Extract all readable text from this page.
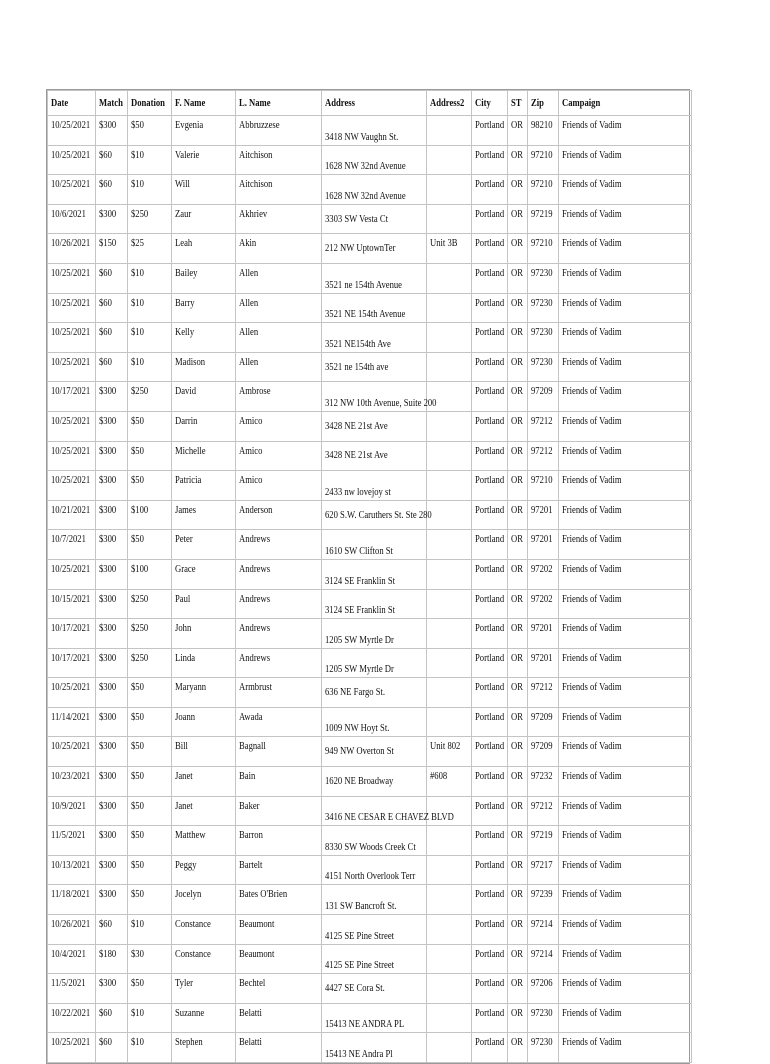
Date	Match	Donation	F. Name	L. Name	Address	Address2	City	ST	Zip	Campaign
10/25/2021	$300	$50	Evgenia	Abbruzzese	3418 NW Vaughn St.		Portland	OR	98210	Friends of Vadim
10/25/2021	$60	$10	Valerie	Aitchison	1628 NW 32nd Avenue		Portland	OR	97210	Friends of Vadim
10/25/2021	$60	$10	Will	Aitchison	1628 NW 32nd Avenue		Portland	OR	97210	Friends of Vadim
10/6/2021	$300	$250	Zaur	Akhriev	3303 SW Vesta Ct		Portland	OR	97219	Friends of Vadim
10/26/2021	$150	$25	Leah	Akin	212 NW UptownTer	Unit 3B	Portland	OR	97210	Friends of Vadim
10/25/2021	$60	$10	Bailey	Allen	3521 ne 154th Avenue		Portland	OR	97230	Friends of Vadim
10/25/2021	$60	$10	Barry	Allen	3521 NE 154th Avenue		Portland	OR	97230	Friends of Vadim
10/25/2021	$60	$10	Kelly	Allen	3521 NE154th Ave		Portland	OR	97230	Friends of Vadim
10/25/2021	$60	$10	Madison	Allen	3521 ne 154th ave		Portland	OR	97230	Friends of Vadim
10/17/2021	$300	$250	David	Ambrose	312 NW 10th Avenue, Suite 200		Portland	OR	97209	Friends of Vadim
10/25/2021	$300	$50	Darrin	Amico	3428 NE 21st Ave		Portland	OR	97212	Friends of Vadim
10/25/2021	$300	$50	Michelle	Amico	3428 NE 21st Ave		Portland	OR	97212	Friends of Vadim
10/25/2021	$300	$50	Patricia	Amico	2433 nw lovejoy st		Portland	OR	97210	Friends of Vadim
10/21/2021	$300	$100	James	Anderson	620 S.W. Caruthers St. Ste 280		Portland	OR	97201	Friends of Vadim
10/7/2021	$300	$50	Peter	Andrews	1610 SW Clifton St		Portland	OR	97201	Friends of Vadim
10/25/2021	$300	$100	Grace	Andrews	3124 SE Franklin St		Portland	OR	97202	Friends of Vadim
10/15/2021	$300	$250	Paul	Andrews	3124 SE Franklin St		Portland	OR	97202	Friends of Vadim
10/17/2021	$300	$250	John	Andrews	1205 SW Myrtle Dr		Portland	OR	97201	Friends of Vadim
10/17/2021	$300	$250	Linda	Andrews	1205 SW Myrtle Dr		Portland	OR	97201	Friends of Vadim
10/25/2021	$300	$50	Maryann	Armbrust	636 NE Fargo St.		Portland	OR	97212	Friends of Vadim
11/14/2021	$300	$50	Joann	Awada	1009 NW Hoyt St.		Portland	OR	97209	Friends of Vadim
10/25/2021	$300	$50	Bill	Bagnall	949 NW Overton St	Unit 802	Portland	OR	97209	Friends of Vadim
10/23/2021	$300	$50	Janet	Bain	1620 NE Broadway	#608	Portland	OR	97232	Friends of Vadim
10/9/2021	$300	$50	Janet	Baker	3416 NE CESAR E CHAVEZ BLVD		Portland	OR	97212	Friends of Vadim
11/5/2021	$300	$50	Matthew	Barron	8330 SW Woods Creek Ct		Portland	OR	97219	Friends of Vadim
10/13/2021	$300	$50	Peggy	Bartelt	4151 North Overlook Terr		Portland	OR	97217	Friends of Vadim
11/18/2021	$300	$50	Jocelyn	Bates O'Brien	131 SW Bancroft St.		Portland	OR	97239	Friends of Vadim
10/26/2021	$60	$10	Constance	Beaumont	4125 SE Pine Street		Portland	OR	97214	Friends of Vadim
10/4/2021	$180	$30	Constance	Beaumont	4125 SE Pine Street		Portland	OR	97214	Friends of Vadim
11/5/2021	$300	$50	Tyler	Bechtel	4427 SE Cora St.		Portland	OR	97206	Friends of Vadim
10/22/2021	$60	$10	Suzanne	Belatti	15413 NE ANDRA PL		Portland	OR	97230	Friends of Vadim
10/25/2021	$60	$10	Stephen	Belatti	15413 NE Andra Pl		Portland	OR	97230	Friends of Vadim
